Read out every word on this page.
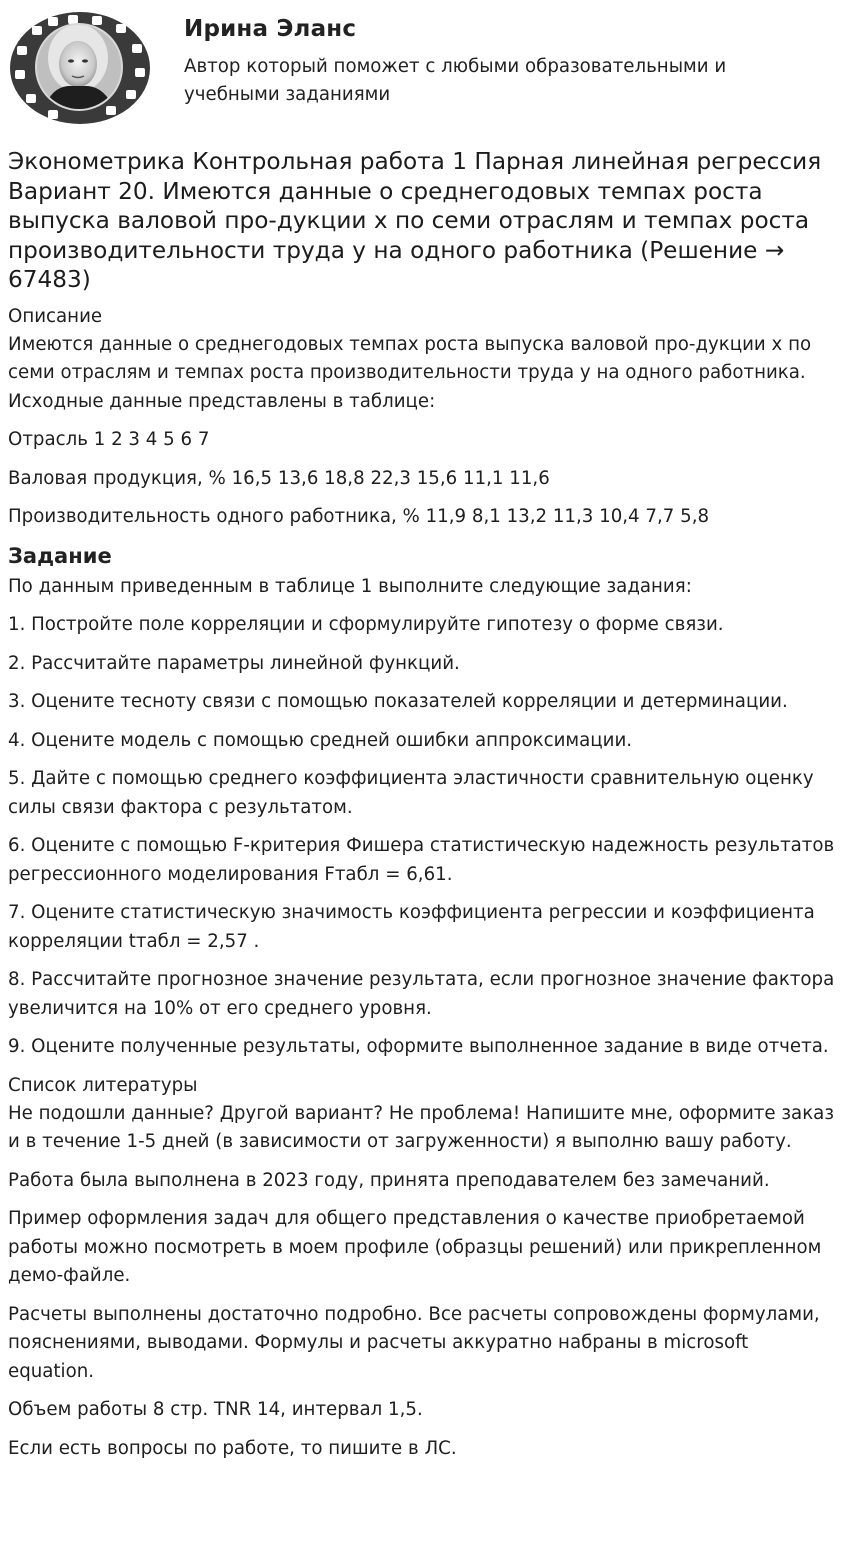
Ирина Эланс

Автор который поможет с любыми образовательными и учебными заданиями

Эконометрика Контрольная работа 1 Парная линейная регрессия Вариант 20. Имеются данные о среднегодовых темпах роста выпуска валовой про-дукции х по семи отраслям и темпах роста производительности труда у на одного работника (Решение → 67483)

Описание

Имеются данные о среднегодовых темпах роста выпуска валовой про-дукции х по семи отраслям и темпах роста производительности труда у на одного работника. Исходные данные представлены в таблице:

Отрасль 1 2 3 4 5 6 7

Валовая продукция, % 16,5 13,6 18,8 22,3 15,6 11,1 11,6

Производительность одного работника, % 11,9 8,1 13,2 11,3 10,4 7,7 5,8

Задание

По данным приведенным в таблице 1 выполните следующие задания:

1. Постройте поле корреляции и сформулируйте гипотезу о форме связи.

2. Рассчитайте параметры линейной функций.

3. Оцените тесноту связи с помощью показателей корреляции и детерминации.

4. Оцените модель с помощью средней ошибки аппроксимации.

5. Дайте с помощью среднего коэффициента эластичности сравнительную оценку силы связи фактора с результатом.

6. Оцените с помощью F-критерия Фишера статистическую надежность результатов регрессионного моделирования Fтабл = 6,61.

7. Оцените статистическую значимость коэффициента регрессии и коэффициента корреляции tтабл = 2,57 .

8. Рассчитайте прогнозное значение результата, если прогнозное значение фактора увеличится на 10% от его среднего уровня.

9. Оцените полученные результаты, оформите выполненное задание в виде отчета.

Список литературы

Не подошли данные? Другой вариант? Не проблема! Напишите мне, оформите заказ и в течение 1-5 дней (в зависимости от загруженности) я выполню вашу работу.

Работа была выполнена в 2023 году, принята преподавателем без замечаний.

Пример оформления задач для общего представления о качестве приобретаемой работы можно посмотреть в моем профиле (образцы решений) или прикрепленном демо-файле.

Расчеты выполнены достаточно подробно. Все расчеты сопровождены формулами, пояснениями, выводами. Формулы и расчеты аккуратно набраны в microsoft equation.

Объем работы 8 стр. TNR 14, интервал 1,5.

Если есть вопросы по работе, то пишите в ЛС.
